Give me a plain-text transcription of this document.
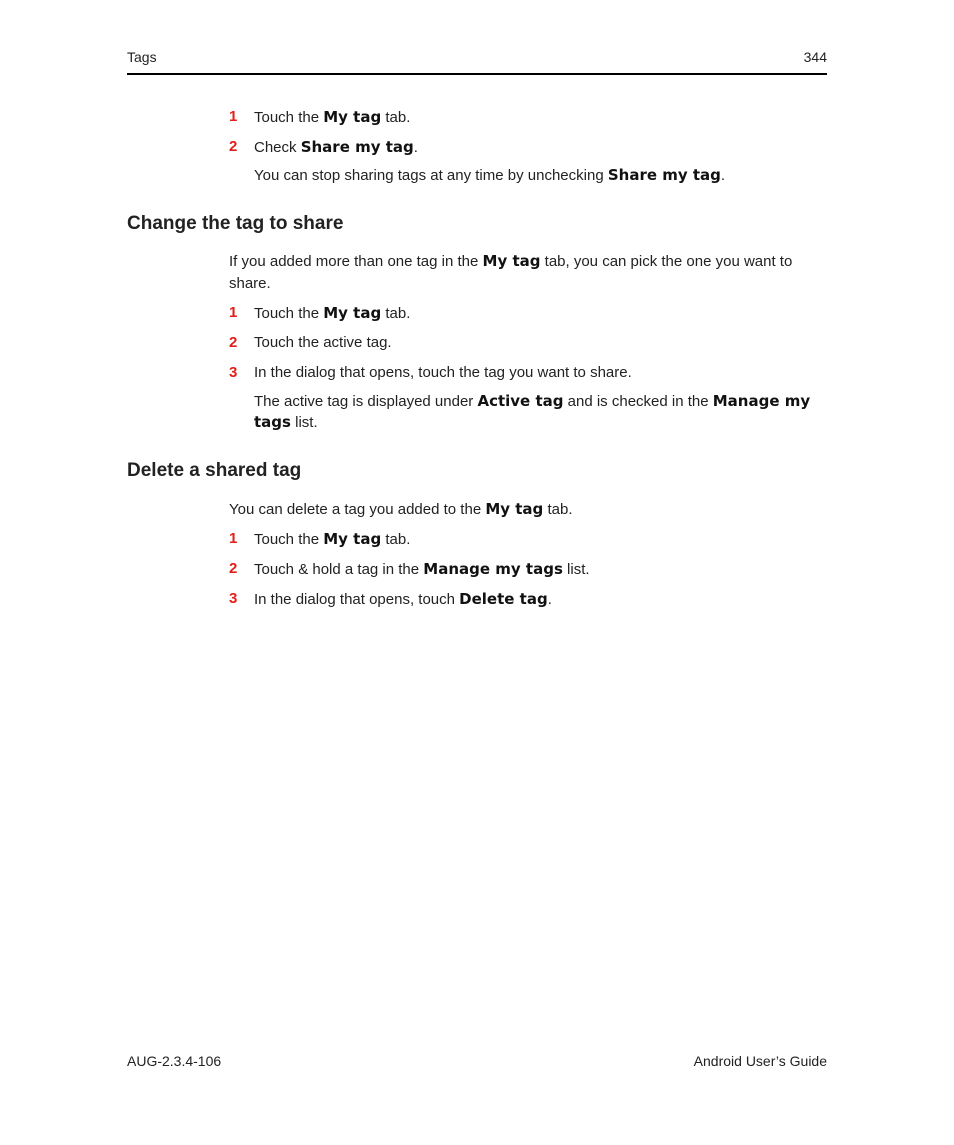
Tags	344
1 Touch the My tag tab.
2 Check Share my tag.
You can stop sharing tags at any time by unchecking Share my tag.
Change the tag to share
If you added more than one tag in the My tag tab, you can pick the one you want to share.
1 Touch the My tag tab.
2 Touch the active tag.
3 In the dialog that opens, touch the tag you want to share.
The active tag is displayed under Active tag and is checked in the Manage my tags list.
Delete a shared tag
You can delete a tag you added to the My tag tab.
1 Touch the My tag tab.
2 Touch & hold a tag in the Manage my tags list.
3 In the dialog that opens, touch Delete tag.
AUG-2.3.4-106	Android User’s Guide
